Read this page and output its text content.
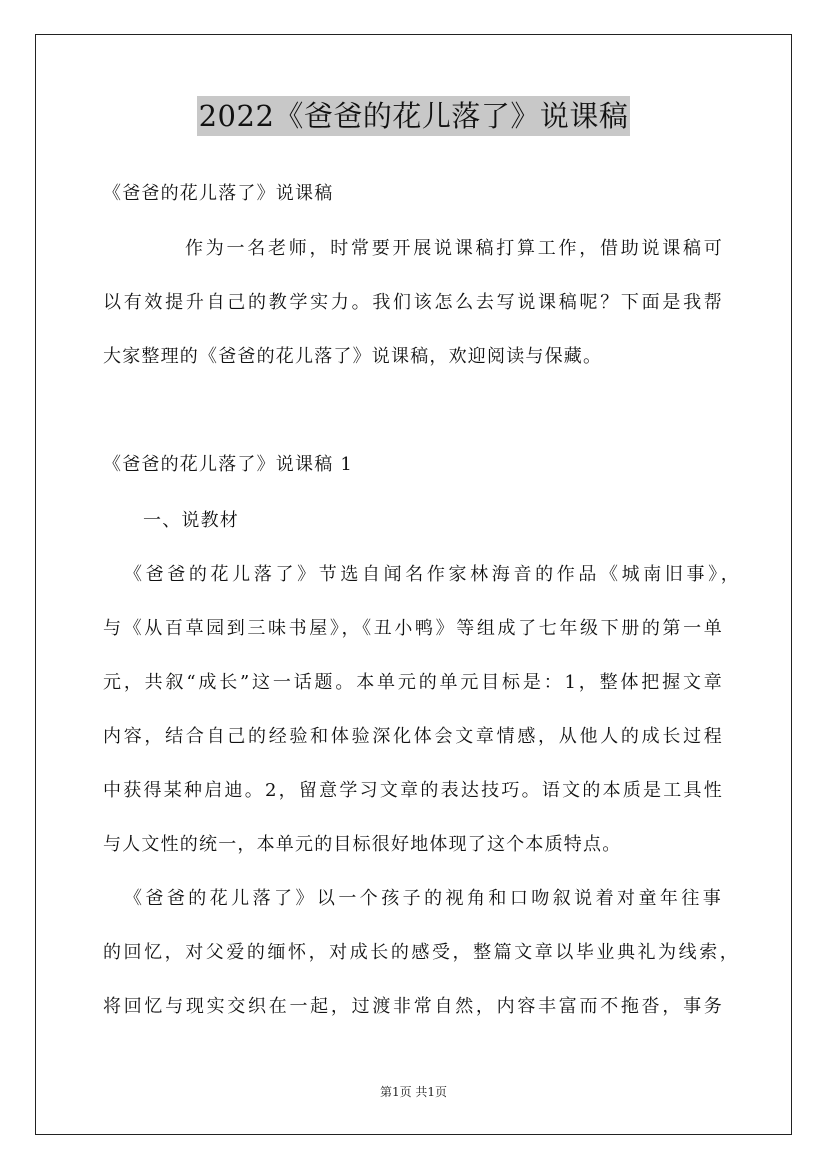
2022《爸爸的花儿落了》说课稿
《爸爸的花儿落了》说课稿
作为一名老师，时常要开展说课稿打算工作，借助说课稿可
以有效提升自己的教学实力。我们该怎么去写说课稿呢？下面是我帮
大家整理的《爸爸的花儿落了》说课稿，欢迎阅读与保藏。
《爸爸的花儿落了》说课稿 1
一、说教材
《爸爸的花儿落了》节选自闻名作家林海音的作品《城南旧事》，
与《从百草园到三味书屋》，《丑小鸭》等组成了七年级下册的第一单
元，共叙“成长”这一话题。本单元的单元目标是：1，整体把握文章
内容，结合自己的经验和体验深化体会文章情感，从他人的成长过程
中获得某种启迪。2，留意学习文章的表达技巧。语文的本质是工具性
与人文性的统一，本单元的目标很好地体现了这个本质特点。
《爸爸的花儿落了》以一个孩子的视角和口吻叙说着对童年往事
的回忆，对父爱的缅怀，对成长的感受，整篇文章以毕业典礼为线索，
将回忆与现实交织在一起，过渡非常自然，内容丰富而不拖沓，事务
第1页 共1页
